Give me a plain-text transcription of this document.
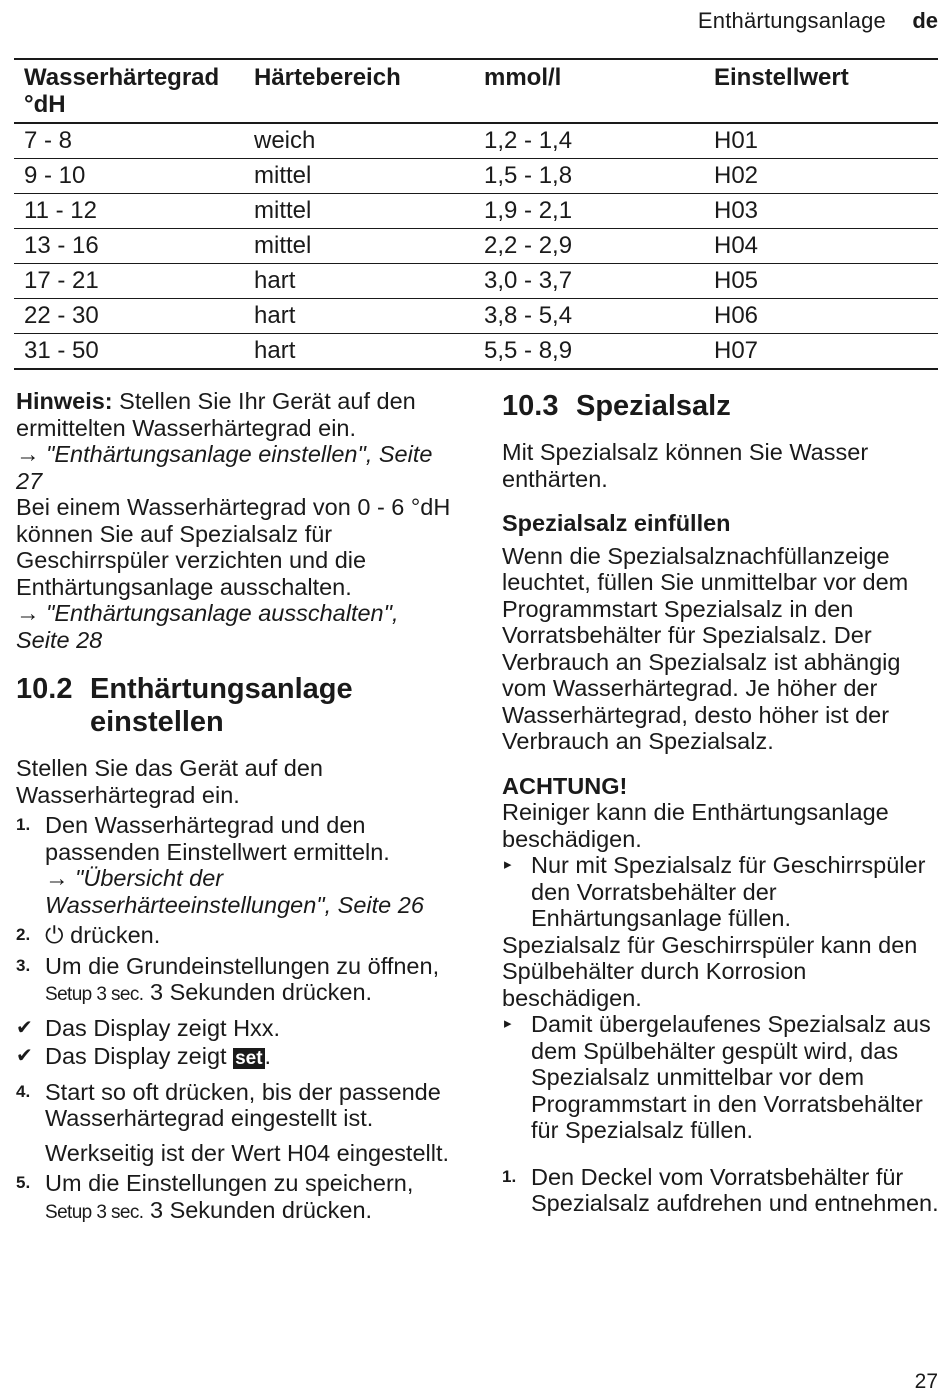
Enthärtungsanlage de
Wasserhärtegrad °dH	Härtebereich	mmol/l	Einstellwert
7 - 8	weich	1,2 - 1,4	H01
9 - 10	mittel	1,5 - 1,8	H02
11 - 12	mittel	1,9 - 2,1	H03
13 - 16	mittel	2,2 - 2,9	H04
17 - 21	hart	3,0 - 3,7	H05
22 - 30	hart	3,8 - 5,4	H06
31 - 50	hart	5,5 - 8,9	H07

Hinweis: Stellen Sie Ihr Gerät auf den ermittelten Wasserhärtegrad ein.

→ "Enthärtungsanlage einstellen", Seite 27

Bei einem Wasserhärtegrad von 0 - 6 °dH können Sie auf Spezialsalz für Geschirrspüler verzichten und die Enthärtungsanlage ausschalten.

→ "Enthärtungsanlage ausschalten", Seite 28

10.2 Enthärtungsanlage einstellen

Stellen Sie das Gerät auf den Wasserhärtegrad ein.

1. Den Wasserhärtegrad und den passenden Einstellwert ermitteln.

→ "Übersicht der Wasserhärteeinstellungen", Seite 26

2. ⏻ drücken.

3. Um die Grundeinstellungen zu öffnen, Setup 3 sec. 3 Sekunden drücken.

✔ Das Display zeigt Hxx.

✔ Das Display zeigt set.

4. Start so oft drücken, bis der passende Wasserhärtegrad eingestellt ist.

Werkseitig ist der Wert H04 eingestellt.

5. Um die Einstellungen zu speichern, Setup 3 sec. 3 Sekunden drücken.

10.3 Spezialsalz

Mit Spezialsalz können Sie Wasser enthärten.

Spezialsalz einfüllen

Wenn die Spezialsalznachfüllanzeige leuchtet, füllen Sie unmittelbar vor dem Programmstart Spezialsalz in den Vorratsbehälter für Spezialsalz. Der Verbrauch an Spezialsalz ist abhängig vom Wasserhärtegrad. Je höher der Wasserhärtegrad, desto höher ist der Verbrauch an Spezialsalz.

ACHTUNG!

Reiniger kann die Enthärtungsanlage beschädigen.

▸ Nur mit Spezialsalz für Geschirrspüler den Vorratsbehälter der Enhärtungsanlage füllen.

Spezialsalz für Geschirrspüler kann den Spülbehälter durch Korrosion beschädigen.

▸ Damit übergelaufenes Spezialsalz aus dem Spülbehälter gespült wird, das Spezialsalz unmittelbar vor dem Programmstart in den Vorratsbehälter für Spezialsalz füllen.

1. Den Deckel vom Vorratsbehälter für Spezialsalz aufdrehen und entnehmen.

27
